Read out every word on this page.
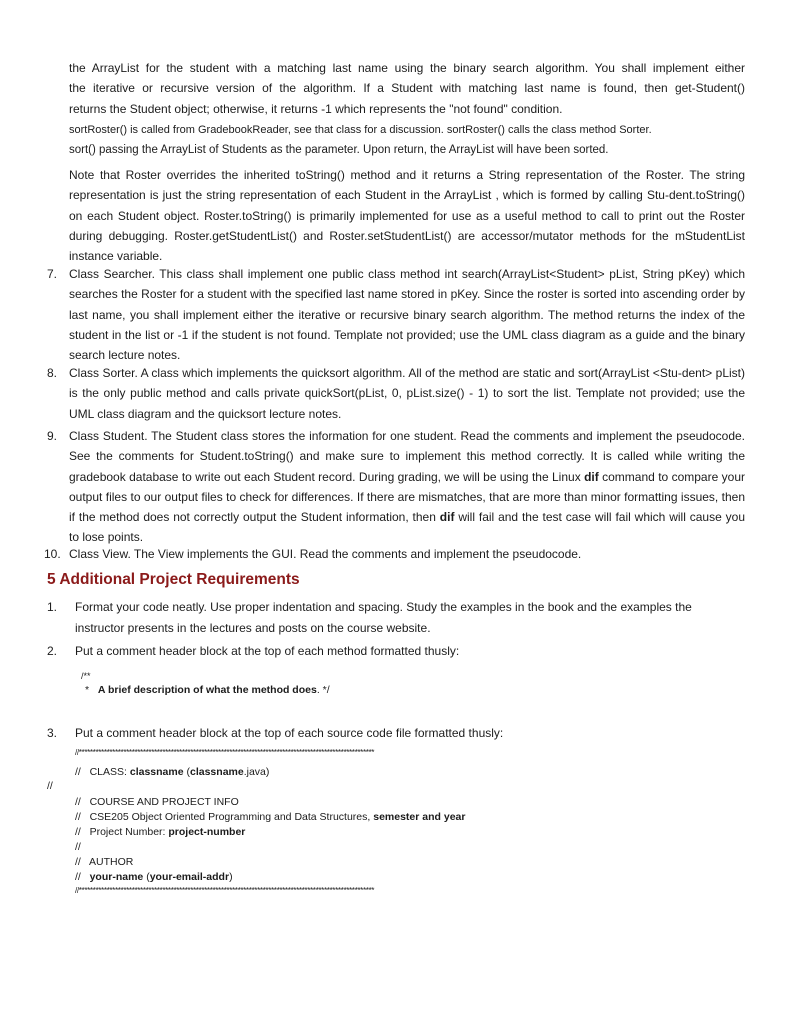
the ArrayList for the student with a matching last name using the binary search algorithm. You shall implement either
the iterative or recursive version of the algorithm. If a Student with matching last name is found, then get-Student()
returns the Student object; otherwise, it returns -1 which represents the "not found" condition.
sortRoster() is called from GradebookReader, see that class for a discussion. sortRoster() calls the class method Sorter.
sort() passing the ArrayList of Students as the parameter. Upon return, the ArrayList will have been sorted.
Note that Roster overrides the inherited toString() method and it returns a String representation of the Roster. The string representation is just the string representation of each Student in the ArrayList , which is formed by calling Stu-dent.toString() on each Student object. Roster.toString() is primarily implemented for use as a useful method to call to print out the Roster during debugging. Roster.getStudentList() and Roster.setStudentList() are accessor/mutator methods for the mStudentList instance variable.
7. Class Searcher. This class shall implement one public class method int search(ArrayList<Student> pList, String pKey) which searches the Roster for a student with the specified last name stored in pKey. Since the roster is sorted into ascending order by last name, you shall implement either the iterative or recursive binary search algorithm. The method returns the index of the student in the list or -1 if the student is not found. Template not provided; use the UML class diagram as a guide and the binary search lecture notes.
8. Class Sorter. A class which implements the quicksort algorithm. All of the method are static and sort(ArrayList <Stu-dent> pList) is the only public method and calls private quickSort(pList, 0, pList.size() - 1) to sort the list. Template not provided; use the UML class diagram and the quicksort lecture notes.
9. Class Student. The Student class stores the information for one student. Read the comments and implement the pseudocode. See the comments for Student.toString() and make sure to implement this method correctly. It is called while writing the gradebook database to write out each Student record. During grading, we will be using the Linux dif command to compare your output files to our output files to check for differences. If there are mismatches, that are more than minor formatting issues, then if the method does not correctly output the Student information, then dif will fail and the test case will fail which will cause you to lose points.
10. Class View. The View implements the GUI. Read the comments and implement the pseudocode.
5 Additional Project Requirements
1. Format your code neatly. Use proper indentation and spacing. Study the examples in the book and the examples the
instructor presents in the lectures and posts on the course website.
2. Put a comment header block at the top of each method formatted thusly:
/**
* A brief description of what the method does. */
3. Put a comment header block at the top of each source code file formatted thusly:
//**********************************************************************************************************
//   CLASS: classname (classname.java)
//
//   COURSE AND PROJECT INFO
//   CSE205 Object Oriented Programming and Data Structures, semester and year
//   Project Number: project-number
//
//   AUTHOR
//   your-name (your-email-addr)
//**********************************************************************************************************
